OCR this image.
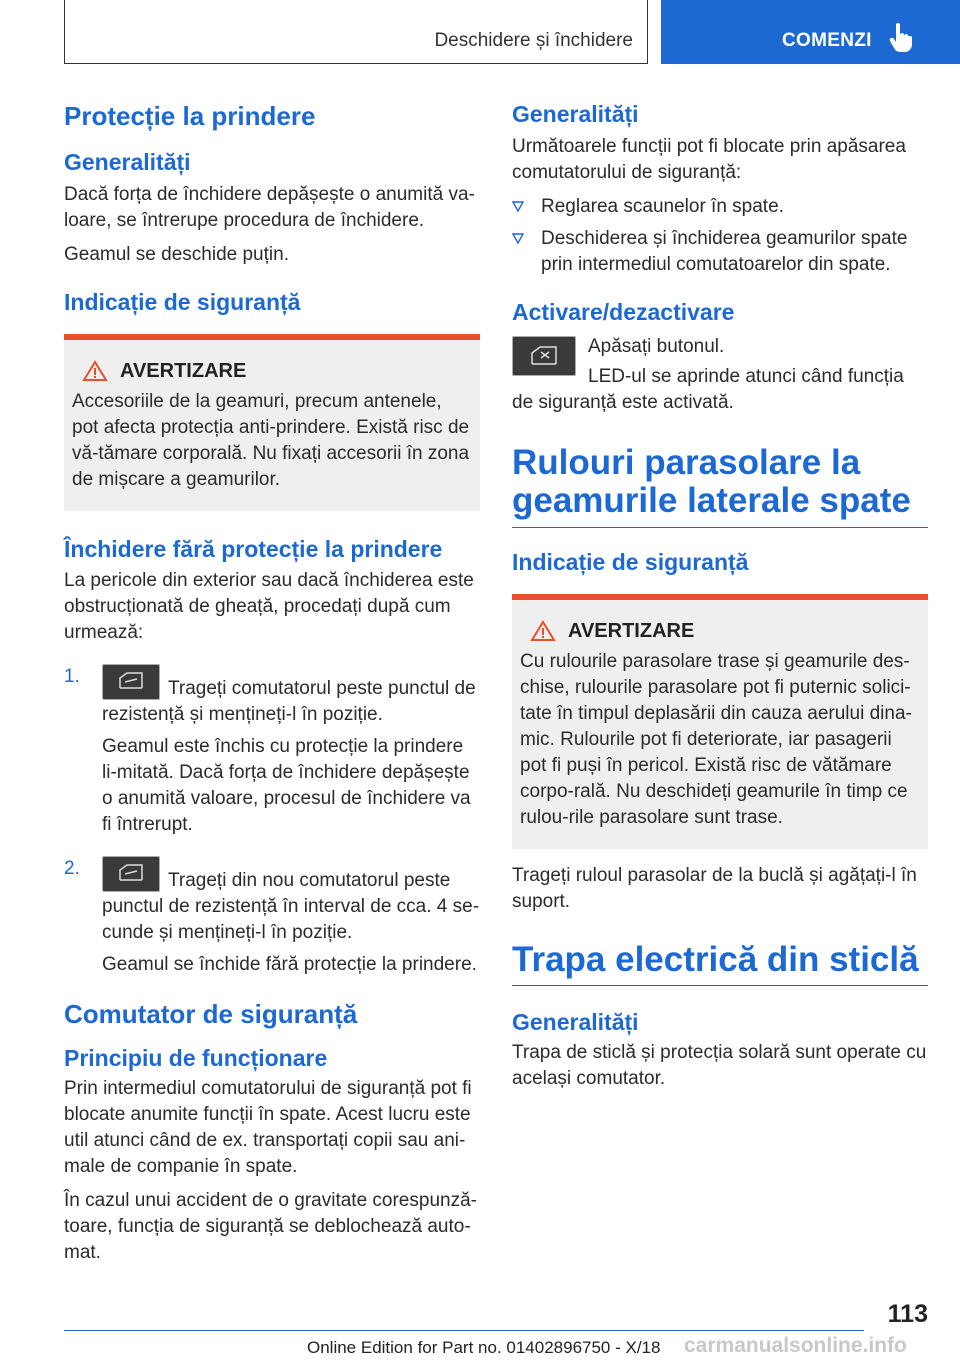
Deschidere și închidere	COMENZI
Protecție la prindere
Generalități

Dacă forța de închidere depășește o anumită va-loare, se întrerupe procedura de închidere.

Geamul se deschide puțin.

Indicație de siguranță
AVERTIZARE

Accesoriile de la geamuri, precum antenele, pot afecta protecția anti-prindere. Există risc de vă-tămare corporală. Nu fixați accesorii în zona de mișcare a geamurilor.

Închidere fără protecție la prindere

La pericole din exterior sau dacă închiderea este obstrucționată de gheață, procedați după cum urmează:

1.

Trageți comutatorul peste punctul de rezistență și mențineți-l în poziție.

Geamul este închis cu protecție la prindere li-mitată. Dacă forța de închidere depășește o anumită valoare, procesul de închidere va fi întrerupt.

2.

Trageți din nou comutatorul peste punctul de rezistență în interval de cca. 4 se-cunde și mențineți-l în poziție.

Geamul se închide fără protecție la prindere.

Comutator de siguranță
Principiu de funcționare

Prin intermediul comutatorului de siguranță pot fi blocate anumite funcții în spate. Acest lucru este util atunci când de ex. transportați copii sau ani-male de companie în spate.

În cazul unui accident de o gravitate corespunză-toare, funcția de siguranță se deblochează auto-mat.

Generalități

Următoarele funcții pot fi blocate prin apăsarea comutatorului de siguranță:

Reglarea scaunelor în spate.

Deschiderea și închiderea geamurilor spate prin intermediul comutatoarelor din spate.

Activare/dezactivare

Apăsați butonul.

LED-ul se aprinde atunci când funcția de siguranță este activată.

Rulouri parasolare la geamurile laterale spate
Indicație de siguranță
AVERTIZARE

Cu rulourile parasolare trase și geamurile des-chise, rulourile parasolare pot fi puternic solici-tate în timpul deplasării din cauza aerului dina-mic. Rulourile pot fi deteriorate, iar pasagerii pot fi puși în pericol. Există risc de vătămare corpo-rală. Nu deschideți geamurile în timp ce rulou-rile parasolare sunt trase.

Trageți ruloul parasolar de la buclă și agățați-l în suport.

Trapa electrică din sticlă
Generalități

Trapa de sticlă și protecția solară sunt operate cu același comutator.

113
Online Edition for Part no. 01402896750 - X/18 carmanualsonline.info
